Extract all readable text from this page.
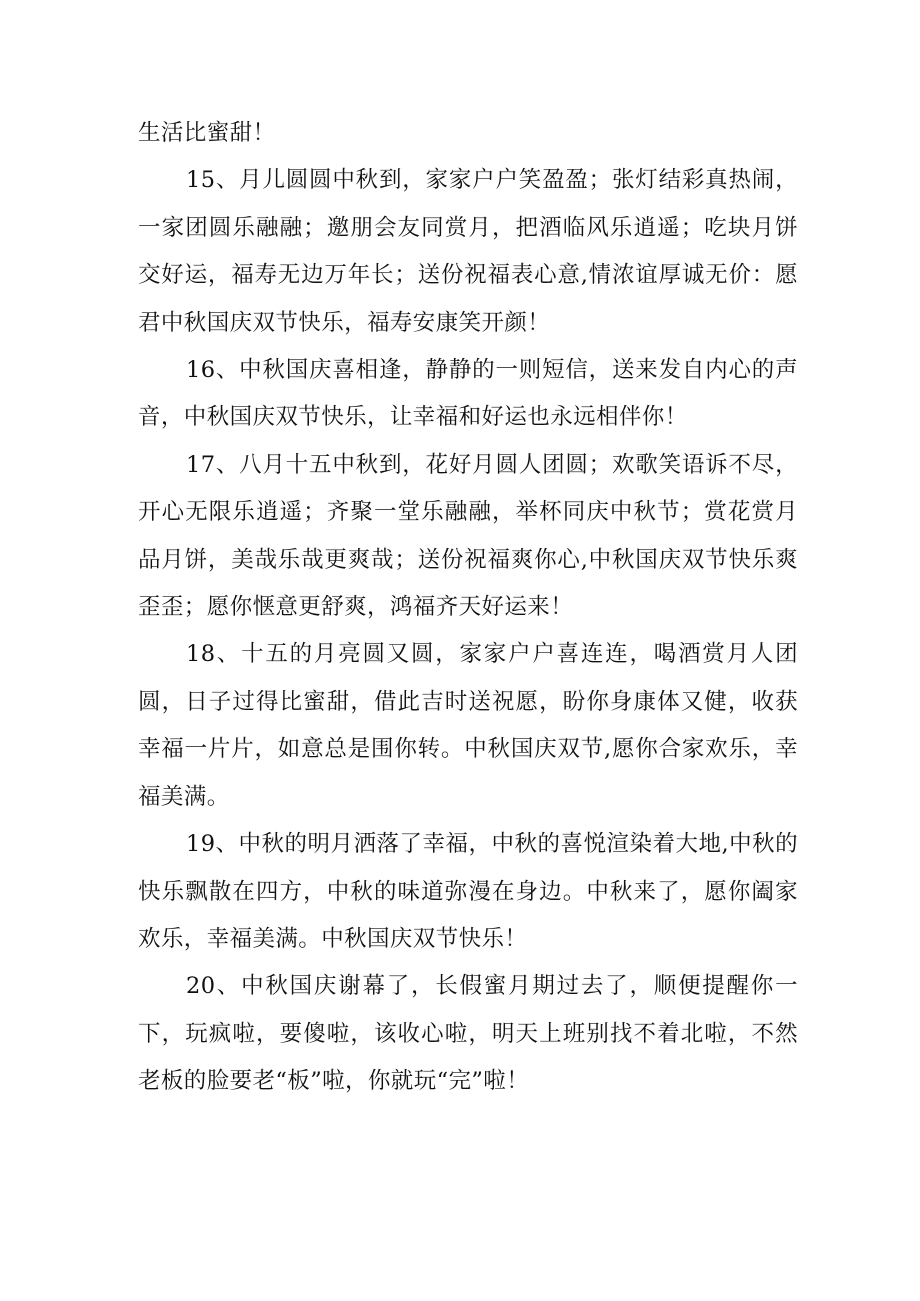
生活比蜜甜！

15、月儿圆圆中秋到，家家户户笑盈盈；张灯结彩真热闹，一家团圆乐融融；邀朋会友同赏月，把酒临风乐逍遥；吃块月饼交好运，福寿无边万年长；送份祝福表心意,情浓谊厚诚无价：愿君中秋国庆双节快乐，福寿安康笑开颜！

16、中秋国庆喜相逢，静静的一则短信，送来发自内心的声音，中秋国庆双节快乐，让幸福和好运也永远相伴你！

17、八月十五中秋到，花好月圆人团圆；欢歌笑语诉不尽，开心无限乐逍遥；齐聚一堂乐融融，举杯同庆中秋节；赏花赏月品月饼，美哉乐哉更爽哉；送份祝福爽你心,中秋国庆双节快乐爽歪歪；愿你惬意更舒爽，鸿福齐天好运来！

18、十五的月亮圆又圆，家家户户喜连连，喝酒赏月人团圆，日子过得比蜜甜，借此吉时送祝愿，盼你身康体又健，收获幸福一片片，如意总是围你转。中秋国庆双节,愿你合家欢乐，幸福美满。

19、中秋的明月洒落了幸福，中秋的喜悦渲染着大地,中秋的快乐飘散在四方，中秋的味道弥漫在身边。中秋来了，愿你阖家欢乐，幸福美满。中秋国庆双节快乐！

20、中秋国庆谢幕了，长假蜜月期过去了，顺便提醒你一下，玩疯啦，要傻啦，该收心啦，明天上班别找不着北啦，不然老板的脸要老“板”啦，你就玩“完”啦！
